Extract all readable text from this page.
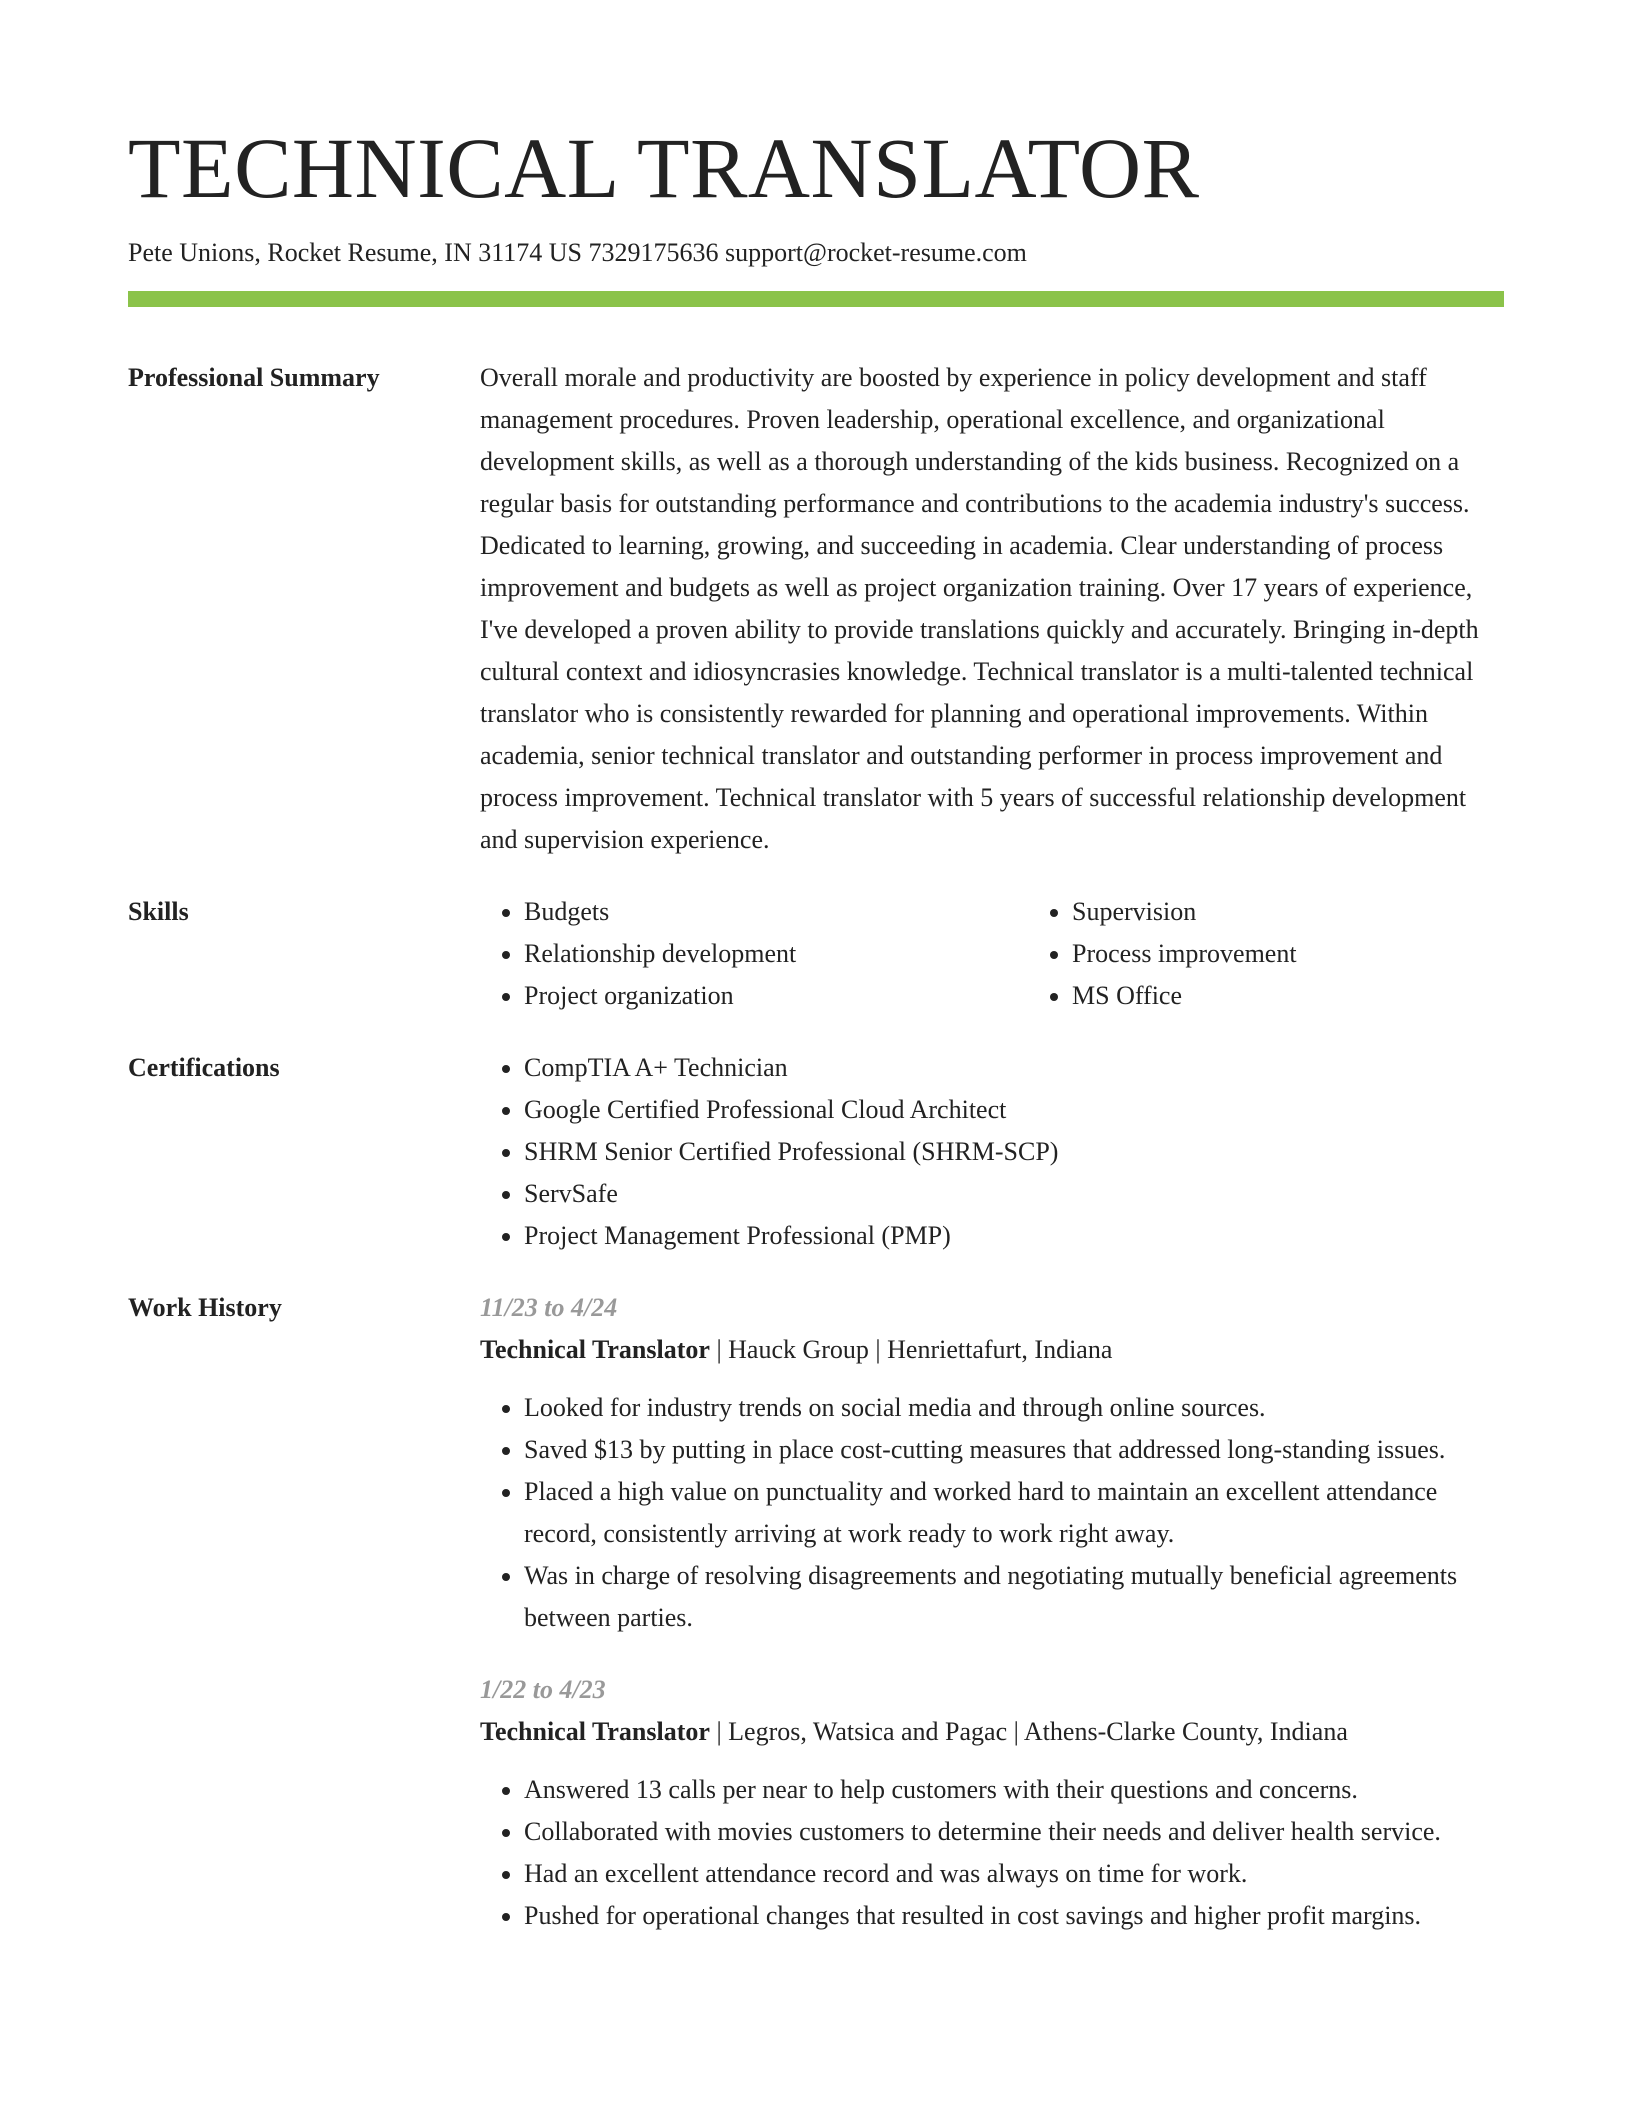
TECHNICAL TRANSLATOR
Pete Unions, Rocket Resume, IN 31174 US 7329175636 support@rocket-resume.com
Professional Summary	Overall morale and productivity are boosted by experience in policy development and staff management procedures. Proven leadership, operational excellence, and organizational development skills, as well as a thorough understanding of the kids business. Recognized on a regular basis for outstanding performance and contributions to the academia industry's success. Dedicated to learning, growing, and succeeding in academia. Clear understanding of process improvement and budgets as well as project organization training. Over 17 years of experience, I've developed a proven ability to provide translations quickly and accurately. Bringing in-depth cultural context and idiosyncrasies knowledge. Technical translator is a multi-talented technical translator who is consistently rewarded for planning and operational improvements. Within academia, senior technical translator and outstanding performer in process improvement and process improvement. Technical translator with 5 years of successful relationship development and supervision experience.

Skills	• Budgets
• Relationship development
• Project organization
• Supervision
• Process improvement
• MS Office
Certifications	• CompTIA A+ Technician
• Google Certified Professional Cloud Architect
• SHRM Senior Certified Professional (SHRM-SCP)
• ServSafe
• Project Management Professional (PMP)
Work History	11/23 to 4/24
Technical Translator | Hauck Group | Henriettafurt, Indiana
• Looked for industry trends on social media and through online sources.
• Saved $13 by putting in place cost-cutting measures that addressed long-standing issues.
• Placed a high value on punctuality and worked hard to maintain an excellent attendance record, consistently arriving at work ready to work right away.
• Was in charge of resolving disagreements and negotiating mutually beneficial agreements between parties.
1/22 to 4/23
Technical Translator | Legros, Watsica and Pagac | Athens-Clarke County, Indiana
• Answered 13 calls per near to help customers with their questions and concerns.
• Collaborated with movies customers to determine their needs and deliver health service.
• Had an excellent attendance record and was always on time for work.
• Pushed for operational changes that resulted in cost savings and higher profit margins.
